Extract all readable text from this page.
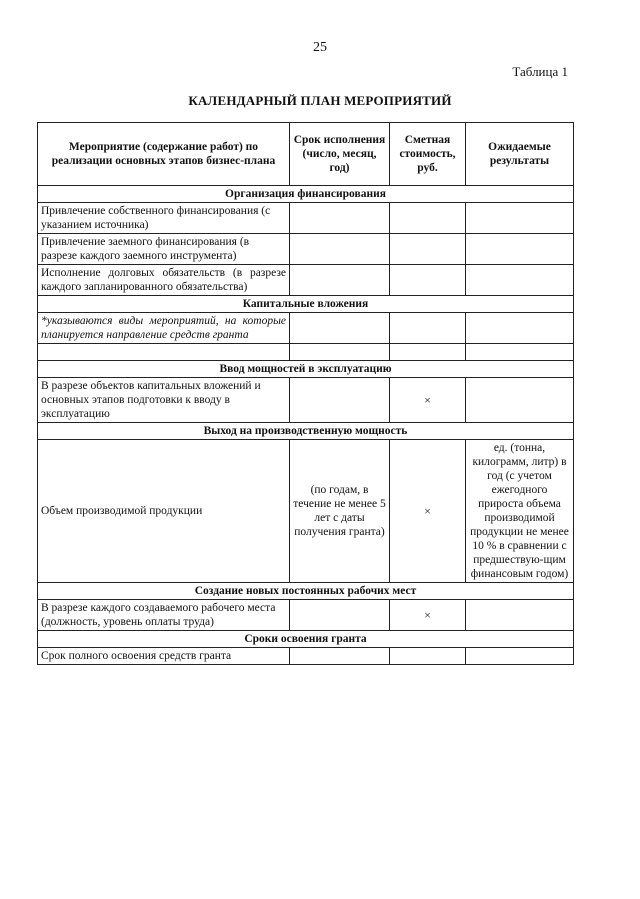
25
Таблица 1
КАЛЕНДАРНЫЙ ПЛАН МЕРОПРИЯТИЙ
Мероприятие (содержание работ) по реализации основных этапов бизнес-плана	Срок исполнения (число, месяц, год)	Сметная стоимость, руб.	Ожидаемые результаты
Организация финансирования			
Привлечение собственного финансирования (с указанием источника)			
Привлечение заемного финансирования (в разрезе каждого заемного инструмента)			
Исполнение долговых обязательств (в разрезе каждого запланированного обязательства)			
Капитальные вложения			
*указываются виды мероприятий, на которые планируется направление средств гранта			

Ввод мощностей в эксплуатацию			
В разрезе объектов капитальных вложений и основных этапов подготовки к вводу в эксплуатацию		×	
Выход на производственную мощность			
Объем производимой продукции	(по годам, в течение не менее 5 лет с даты получения гранта)	×	ед. (тонна, килограмм, литр) в год (с учетом ежегодного прироста объема производимой продукции не менее 10 % в сравнении с предшествую-щим финансовым годом)
Создание новых постоянных рабочих мест			
В разрезе каждого создаваемого рабочего места (должность, уровень оплаты труда)		×	
Сроки освоения гранта			
Срок полного освоения средств гранта			
